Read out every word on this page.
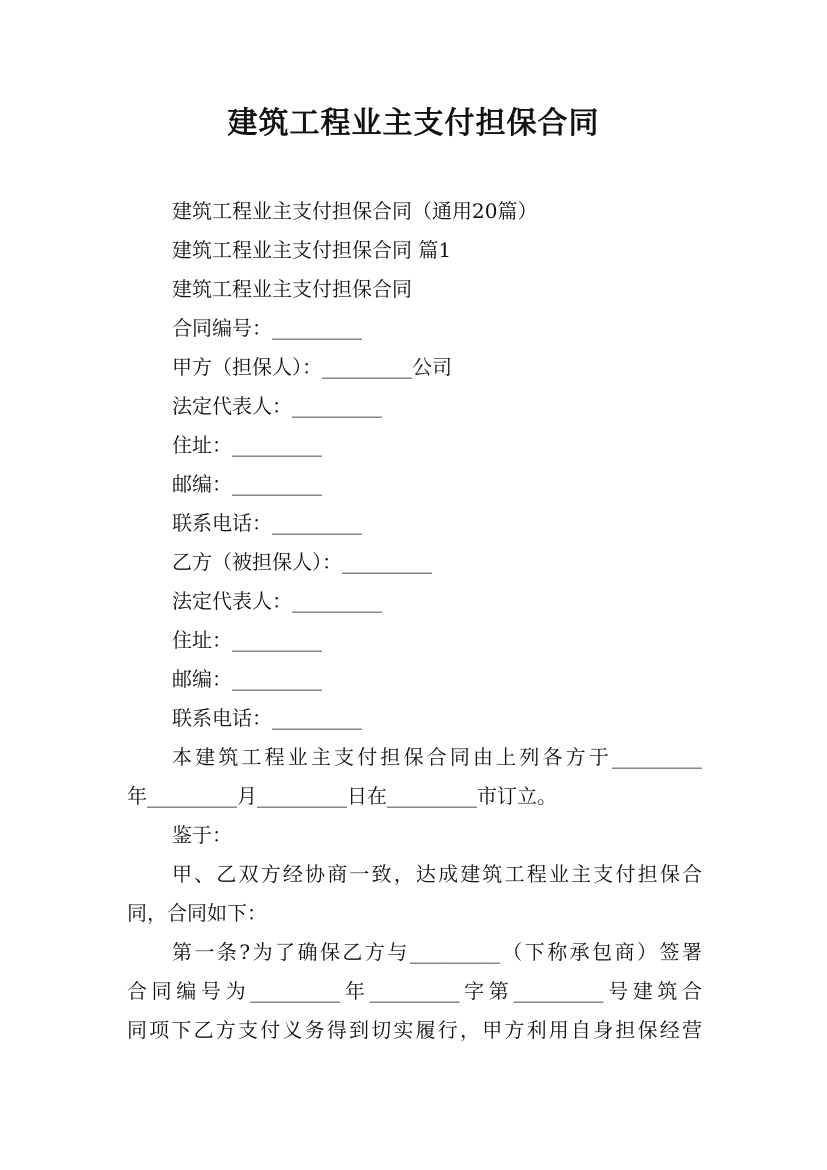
建筑工程业主支付担保合同
建筑工程业主支付担保合同（通用20篇）
建筑工程业主支付担保合同 篇1
建筑工程业主支付担保合同
合同编号：_________
甲方（担保人）：_________公司
法定代表人：_________
住址：_________
邮编：_________
联系电话：_________
乙方（被担保人）：_________
法定代表人：_________
住址：_________
邮编：_________
联系电话：_________
本建筑工程业主支付担保合同由上列各方于_________
年_________月_________日在_________市订立。
鉴于：
甲、乙双方经协商一致，达成建筑工程业主支付担保合
同，合同如下：
第一条?为了确保乙方与_________（下称承包商）签署
合同编号为_________年_________字第_________号建筑合
同项下乙方支付义务得到切实履行，甲方利用自身担保经营
